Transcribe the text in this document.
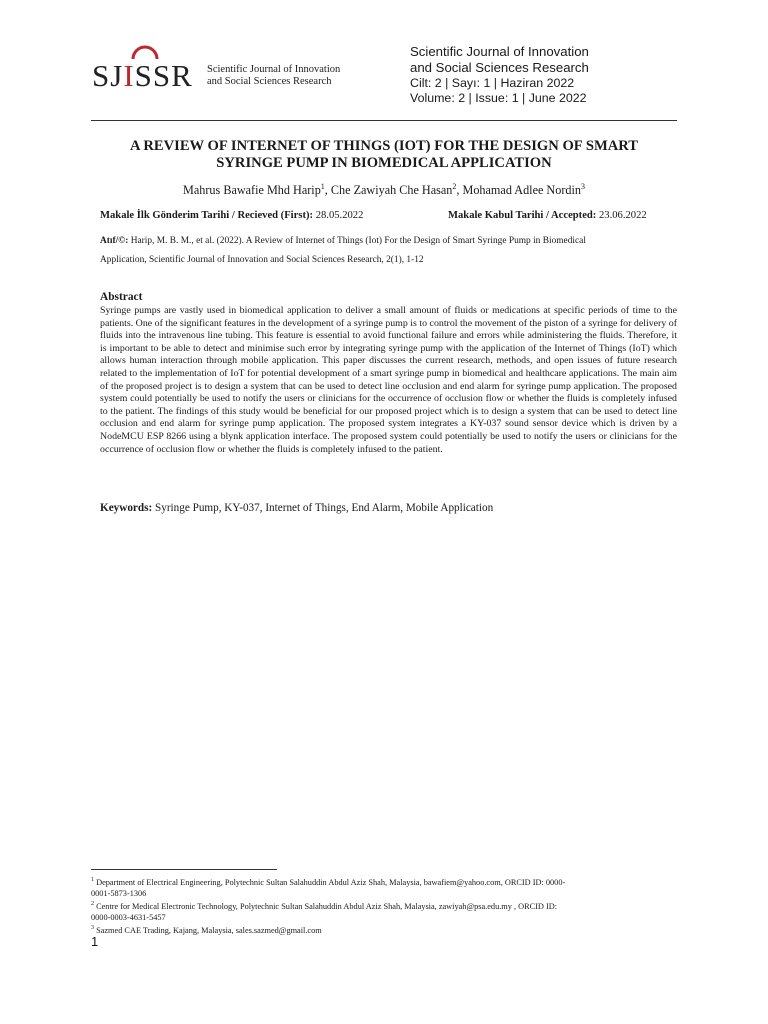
SJISSR Scientific Journal of Innovation
and Social Sciences Research
Scientific Journal of Innovation
and Social Sciences Research
Cilt: 2 | Sayı: 1 | Haziran 2022
Volume: 2 | Issue: 1 | June 2022
A REVIEW OF INTERNET OF THINGS (IOT) FOR THE DESIGN OF SMART
SYRINGE PUMP IN BIOMEDICAL APPLICATION
Mahrus Bawafie Mhd Harip$^1$, Che Zawiyah Che Hasan$^2$, Mohamad Adlee Nordin$^3$
Makale İlk Gönderim Tarihi / Recieved (First): 28.05.2022	Makale Kabul Tarihi / Accepted: 23.06.2022
Atıf/©: Harip, M. B. M., et al. (2022). A Review of Internet of Things (Iot) For the Design of Smart Syringe Pump in Biomedical
Application, Scientific Journal of Innovation and Social Sciences Research, 2(1), 1-12
Abstract
Syringe pumps are vastly used in biomedical application to deliver a small amount of fluids or medications at specific periods of time to the patients. One of the significant features in the development of a syringe pump is to control the movement of the piston of a syringe for delivery of fluids into the intravenous line tubing. This feature is essential to avoid functional failure and errors while administering the fluids. Therefore, it is important to be able to detect and minimise such error by integrating syringe pump with the application of the Internet of Things (IoT) which allows human interaction through mobile application. This paper discusses the current research, methods, and open issues of future research related to the implementation of IoT for potential development of a smart syringe pump in biomedical and healthcare applications. The main aim of the proposed project is to design a system that can be used to detect line occlusion and end alarm for syringe pump application. The proposed system could potentially be used to notify the users or clinicians for the occurrence of occlusion flow or whether the fluids is completely infused to the patient. The findings of this study would be beneficial for our proposed project which is to design a system that can be used to detect line occlusion and end alarm for syringe pump application. The proposed system integrates a KY-037 sound sensor device which is driven by a NodeMCU ESP 8266 using a blynk application interface. The proposed system could potentially be used to notify the users or clinicians for the occurrence of occlusion flow or whether the fluids is completely infused to the patient.
Keywords: Syringe Pump, KY-037, Internet of Things, End Alarm, Mobile Application
$^1$ Department of Electrical Engineering, Polytechnic Sultan Salahuddin Abdul Aziz Shah, Malaysia, bawafiem@yahoo.com, ORCID ID: 0000-
0001-5873-1306
$^2$ Centre for Medical Electronic Technology, Polytechnic Sultan Salahuddin Abdul Aziz Shah, Malaysia, zawiyah@psa.edu.my , ORCID ID:
0000-0003-4631-5457
$^3$ Sazmed CAE Trading, Kajang, Malaysia, sales.sazmed@gmail.com
1
